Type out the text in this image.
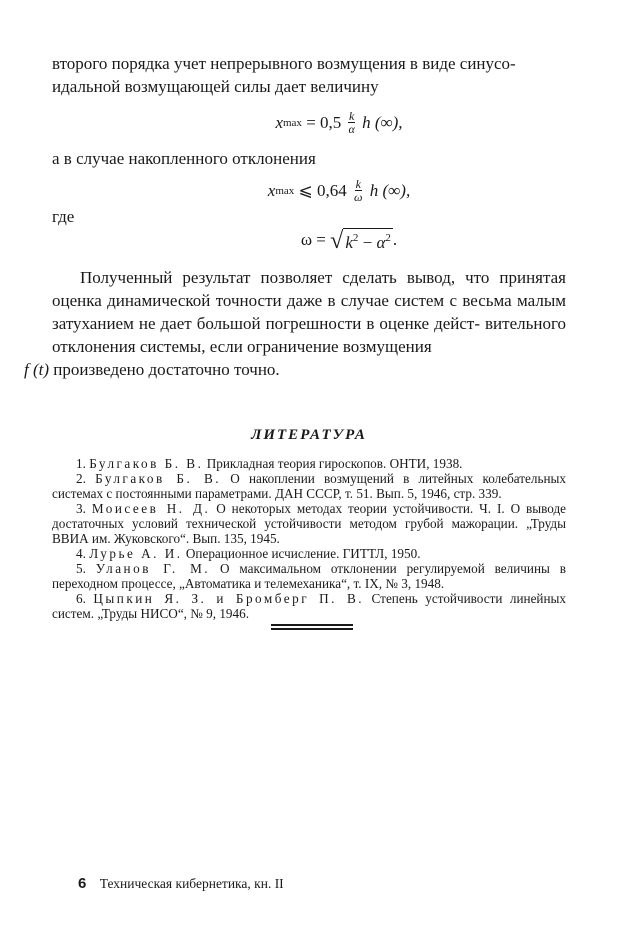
второго порядка учет непрерывного возмущения в виде синусо-
идальной возмущающей силы дает величину

x $\max = 0,5 \frac{k}{\alpha}$ h (∞),

а в случае накопленного отклонения

x max ⩽ $0,64 \frac{k}{\omega}$ h (∞),

где

ω = √ $k^2 - \alpha^2$ .

Полученный результат позволяет сделать вывод, что принятая оценка динамической точности даже в случае систем с весьма малым затуханием не дает большой погрешности в оценке дейст- вительного отклонения системы, если ограничение возмущения
f (t) произведено достаточно точно.

ЛИТЕРАТУРА

1. Булгаков Б. В. Прикладная теория гироскопов. ОНТИ, 1938.

2. Булгаков Б. В. О накоплении возмущений в литейных колебательных системах с постоянными параметрами. ДАН СССР, т. 51. Вып. 5, 1946, стр. 339.

3. Моисеев Н. Д. О некоторых методах теории устойчивости. Ч. I. О выводе достаточных условий технической устойчивости методом грубой мажорации. „Труды ВВИА им. Жуковского“. Вып. 135, 1945.

4. Лурье А. И. Операционное исчисление. ГИТТЛ, 1950.

5. Уланов Г. М. О максимальном отклонении регулируемой величины в переходном процессе, „Автоматика и телемеханика“, т. IX, № 3, 1948.

6. Цыпкин Я. З. и Бромберг П. В. Степень устойчивости линейных систем. „Труды НИСО“, № 9, 1946.

6 Техническая кибернетика, кн. II
